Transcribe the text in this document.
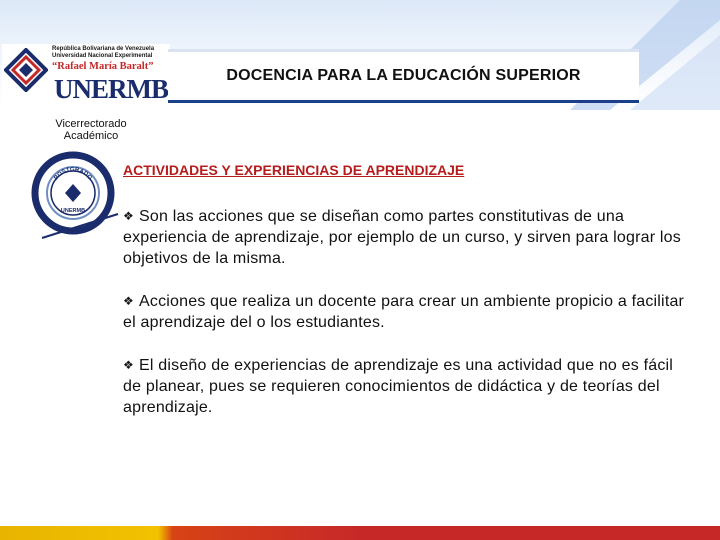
República Bolivariana de Venezuela
Universidad Nacional Experimental
“Rafael María Baralt”
UNERMB	DOCENCIA PARA LA EDUCACIÓN SUPERIOR
Vicerrectorado
Académico
POSTGRADO
UNERMB
ACTIVIDADES Y EXPERIENCIAS DE APRENDIZAJE
❖ Son las acciones que se diseñan como partes constitutivas de una experiencia de aprendizaje, por ejemplo de un curso, y sirven para lograr los objetivos de la misma.
❖ Acciones que realiza un docente para crear un ambiente propicio a facilitar el aprendizaje del o los estudiantes.
❖ El diseño de experiencias de aprendizaje es una actividad que no es fácil de planear, pues se requieren conocimientos de didáctica y de teorías del aprendizaje.
